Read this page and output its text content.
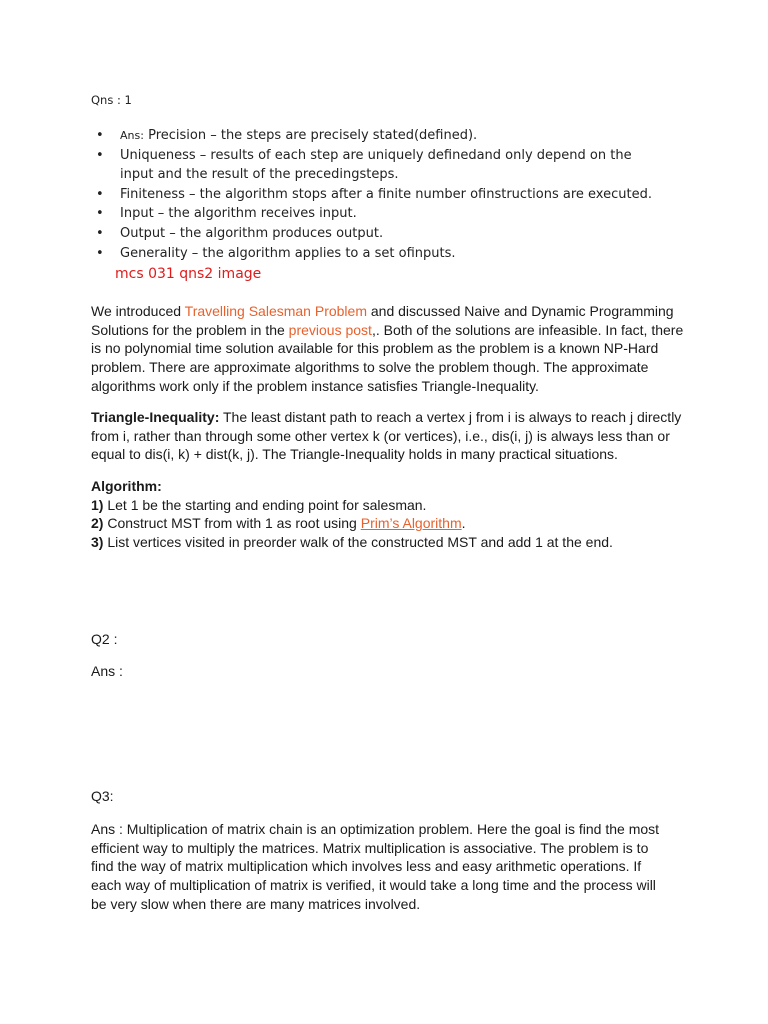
Qns : 1
• Ans: Precision – the steps are precisely stated(defined).
• Uniqueness – results of each step are uniquely definedand only depend on the input and the result of the precedingsteps.
• Finiteness – the algorithm stops after a finite number ofinstructions are executed.
• Input – the algorithm receives input.
• Output – the algorithm produces output.
• Generality – the algorithm applies to a set ofinputs.
mcs 031 qns2 image

We introduced Travelling Salesman Problem and discussed Naive and Dynamic Programming Solutions for the problem in the previous post,. Both of the solutions are infeasible. In fact, there is no polynomial time solution available for this problem as the problem is a known NP-Hard problem. There are approximate algorithms to solve the problem though. The approximate algorithms work only if the problem instance satisfies Triangle-Inequality.

Triangle-Inequality: The least distant path to reach a vertex j from i is always to reach j directly from i, rather than through some other vertex k (or vertices), i.e., dis(i, j) is always less than or equal to dis(i, k) + dist(k, j). The Triangle-Inequality holds in many practical situations.

Algorithm:
1) Let 1 be the starting and ending point for salesman.
2) Construct MST from with 1 as root using Prim’s Algorithm.
3) List vertices visited in preorder walk of the constructed MST and add 1 at the end.

Q2 :
Ans :
Q3:

Ans : Multiplication of matrix chain is an optimization problem. Here the goal is find the most efficient way to multiply the matrices. Matrix multiplication is associative. The problem is to find the way of matrix multiplication which involves less and easy arithmetic operations. If each way of multiplication of matrix is verified, it would take a long time and the process will be very slow when there are many matrices involved.
